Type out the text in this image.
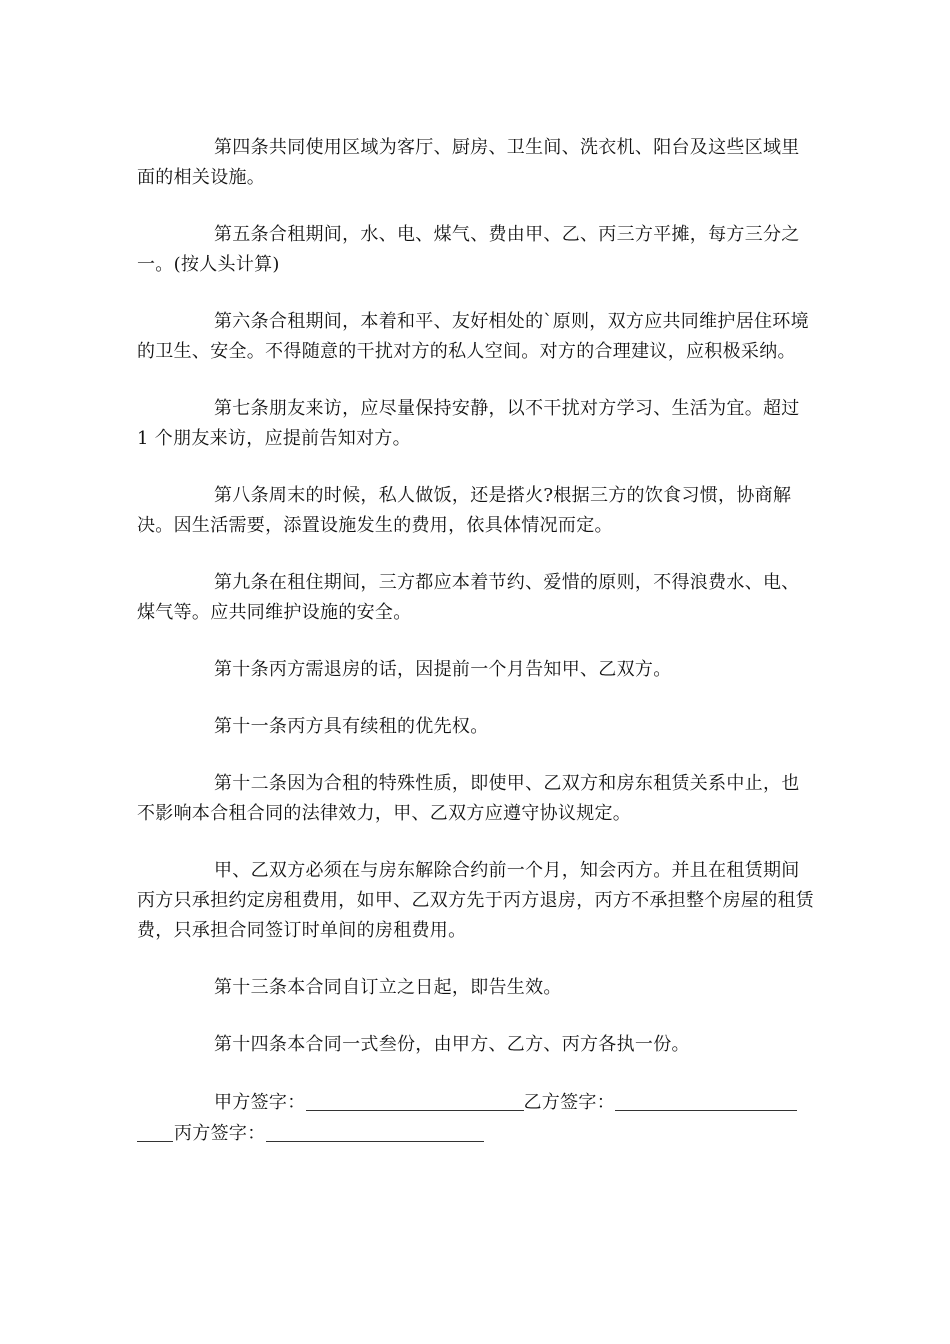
第四条共同使用区域为客厅、厨房、卫生间、洗衣机、阳台及这些区域里面的相关设施。

第五条合租期间，水、电、煤气、费由甲、乙、丙三方平摊，每方三分之一。(按人头计算)

第六条合租期间，本着和平、友好相处的`原则，双方应共同维护居住环境的卫生、安全。不得随意的干扰对方的私人空间。对方的合理建议，应积极采纳。

第七条朋友来访，应尽量保持安静，以不干扰对方学习、生活为宜。超过 1 个朋友来访，应提前告知对方。

第八条周末的时候，私人做饭，还是搭火?根据三方的饮食习惯，协商解决。因生活需要，添置设施发生的费用，依具体情况而定。

第九条在租住期间，三方都应本着节约、爱惜的原则，不得浪费水、电、煤气等。应共同维护设施的安全。

第十条丙方需退房的话，因提前一个月告知甲、乙双方。

第十一条丙方具有续租的优先权。

第十二条因为合租的特殊性质，即使甲、乙双方和房东租赁关系中止，也不影响本合租合同的法律效力，甲、乙双方应遵守协议规定。

甲、乙双方必须在与房东解除合约前一个月，知会丙方。并且在租赁期间丙方只承担约定房租费用，如甲、乙双方先于丙方退房，丙方不承担整个房屋的租赁费，只承担合同签订时单间的房租费用。

第十三条本合同自订立之日起，即告生效。

第十四条本合同一式叁份，由甲方、乙方、丙方各执一份。

甲方签字：	乙方签字：
丙方签字：
